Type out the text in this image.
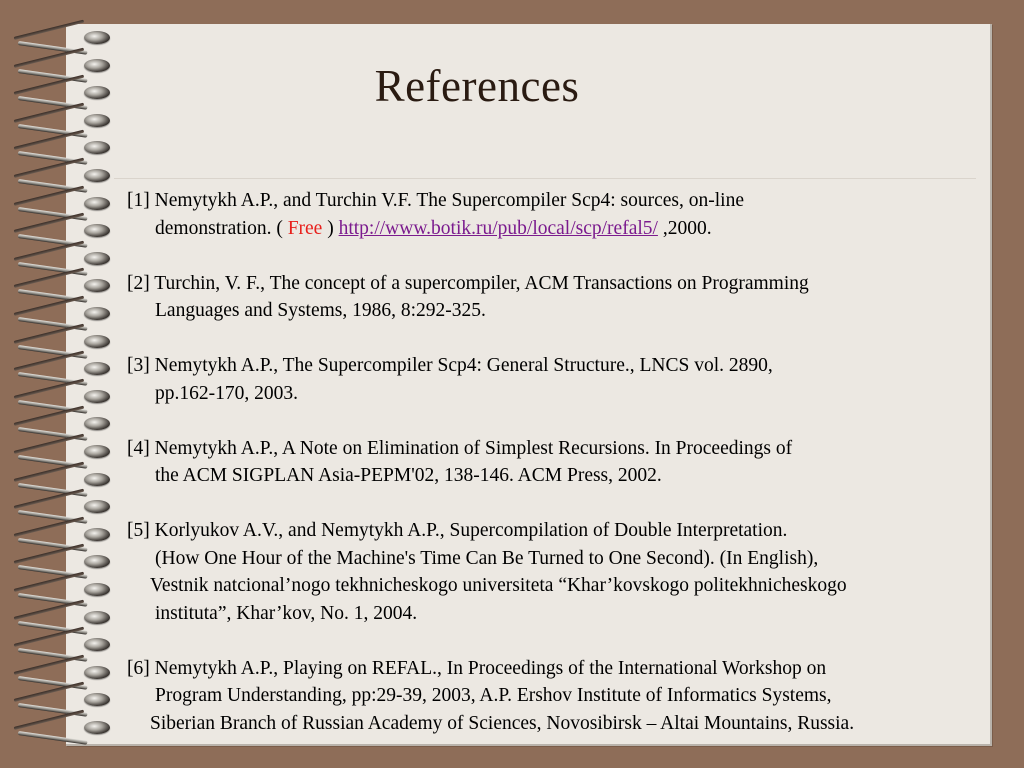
References
[1] Nemytykh A.P., and Turchin V.F. The Supercompiler Scp4: sources, on-line
demonstration. ( Free ) http://www.botik.ru/pub/local/scp/refal5/ ,2000.
[2] Turchin, V. F., The concept of a supercompiler, ACM Transactions on Programming
Languages and Systems, 1986, 8:292-325.
[3] Nemytykh A.P., The Supercompiler Scp4: General Structure., LNCS vol. 2890,
pp.162-170, 2003.
[4] Nemytykh A.P., A Note on Elimination of Simplest Recursions. In Proceedings of
the ACM SIGPLAN Asia-PEPM'02, 138-146. ACM Press, 2002.
[5] Korlyukov A.V., and Nemytykh A.P., Supercompilation of Double Interpretation.
(How One Hour of the Machine's Time Can Be Turned to One Second). (In English),
Vestnik natcional’nogo tekhnicheskogo universiteta “Khar’kovskogo politekhnicheskogo
instituta”, Khar’kov, No. 1, 2004.
[6] Nemytykh A.P., Playing on REFAL., In Proceedings of the International Workshop on
Program Understanding, pp:29-39, 2003, A.P. Ershov Institute of Informatics Systems,
Siberian Branch of Russian Academy of Sciences, Novosibirsk – Altai Mountains, Russia.
